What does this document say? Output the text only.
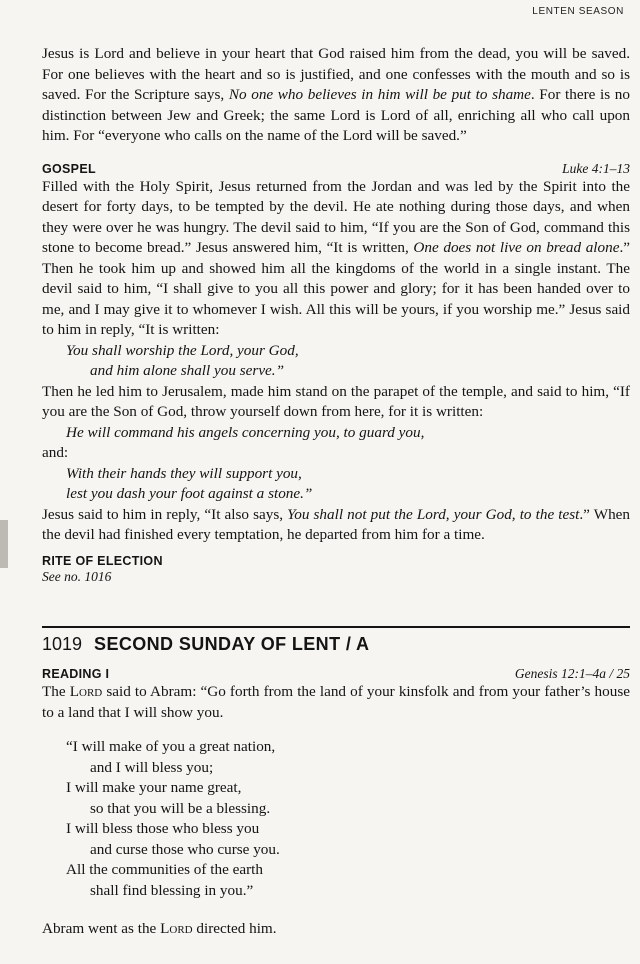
LENTEN SEASON

Jesus is Lord and believe in your heart that God raised him from the dead, you will be saved. For one believes with the heart and so is justified, and one confesses with the mouth and so is saved. For the Scripture says, No one who believes in him will be put to shame. For there is no distinction between Jew and Greek; the same Lord is Lord of all, enriching all who call upon him. For “everyone who calls on the name of the Lord will be saved.”

GOSPEL	Luke 4:1–13

Filled with the Holy Spirit, Jesus returned from the Jordan and was led by the Spirit into the desert for forty days, to be tempted by the devil. He ate nothing during those days, and when they were over he was hungry. The devil said to him, “If you are the Son of God, command this stone to become bread.” Jesus answered him, “It is written, One does not live on bread alone.” Then he took him up and showed him all the kingdoms of the world in a single instant. The devil said to him, “I shall give to you all this power and glory; for it has been handed over to me, and I may give it to whomever I wish. All this will be yours, if you worship me.” Jesus said to him in reply, “It is written:

You shall worship the Lord, your God,
and him alone shall you serve.”

Then he led him to Jerusalem, made him stand on the parapet of the temple, and said to him, “If you are the Son of God, throw yourself down from here, for it is written:

He will command his angels concerning you, to guard you,

and:

With their hands they will support you,
lest you dash your foot against a stone.”

Jesus said to him in reply, “It also says, You shall not put the Lord, your God, to the test.” When the devil had finished every temptation, he departed from him for a time.

RITE OF ELECTION
See no. 1016
1019 SECOND SUNDAY OF LENT / A
READING I	Genesis 12:1–4a / 25

The Lord said to Abram: “Go forth from the land of your kinsfolk and from your father’s house to a land that I will show you.

“I will make of you a great nation,
and I will bless you;
I will make your name great,
so that you will be a blessing.
I will bless those who bless you
and curse those who curse you.
All the communities of the earth
shall find blessing in you.”

Abram went as the Lord directed him.
